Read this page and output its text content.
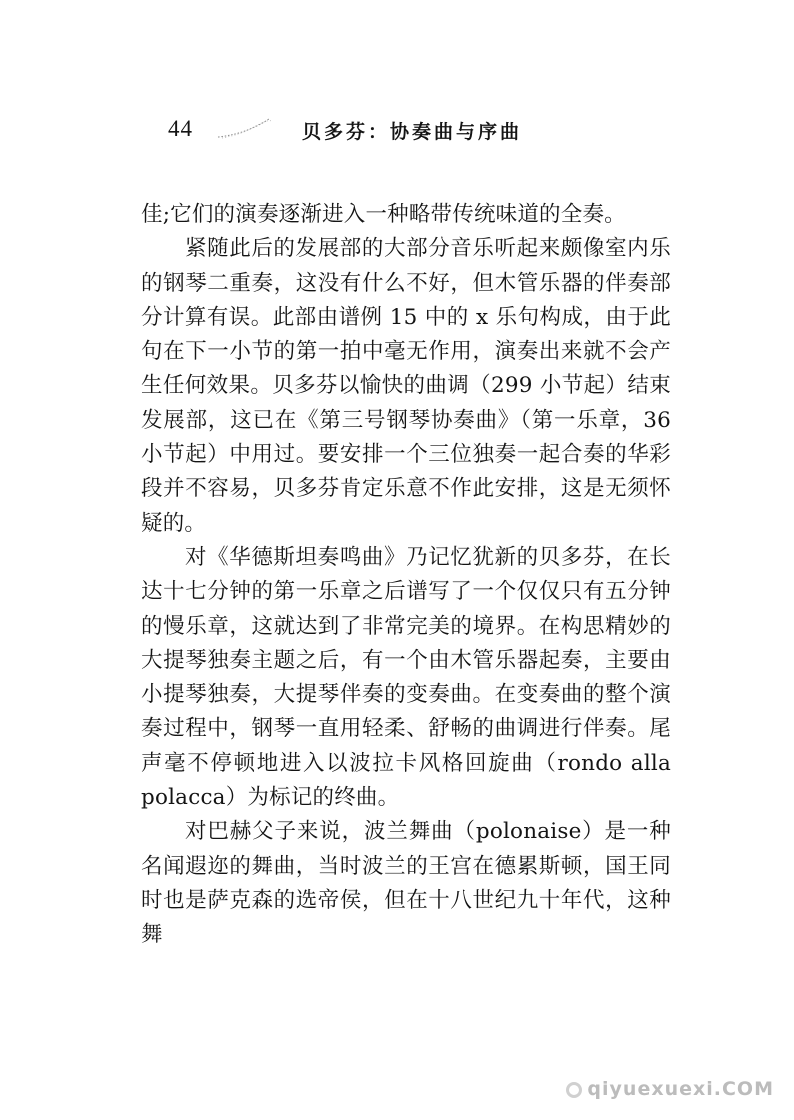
44	贝多芬：协奏曲与序曲

佳;它们的演奏逐渐进入一种略带传统味道的全奏。

紧随此后的发展部的大部分音乐听起来颇像室内乐的钢琴二重奏，这没有什么不好，但木管乐器的伴奏部分计算有误。此部由谱例 15 中的 x 乐句构成，由于此句在下一小节的第一拍中毫无作用，演奏出来就不会产生任何效果。贝多芬以愉快的曲调（299 小节起）结束发展部，这已在《第三号钢琴协奏曲》（第一乐章，36 小节起）中用过。要安排一个三位独奏一起合奏的华彩段并不容易，贝多芬肯定乐意不作此安排，这是无须怀疑的。

对《华德斯坦奏鸣曲》乃记忆犹新的贝多芬，在长达十七分钟的第一乐章之后谱写了一个仅仅只有五分钟的慢乐章，这就达到了非常完美的境界。在构思精妙的大提琴独奏主题之后，有一个由木管乐器起奏，主要由小提琴独奏，大提琴伴奏的变奏曲。在变奏曲的整个演奏过程中，钢琴一直用轻柔、舒畅的曲调进行伴奏。尾声毫不停顿地进入以波拉卡风格回旋曲（rondo alla polacca）为标记的终曲。

对巴赫父子来说，波兰舞曲（polonaise）是一种名闻遐迩的舞曲，当时波兰的王宫在德累斯顿，国王同时也是萨克森的选帝侯，但在十八世纪九十年代，这种舞

qiyuexuexi.COM
